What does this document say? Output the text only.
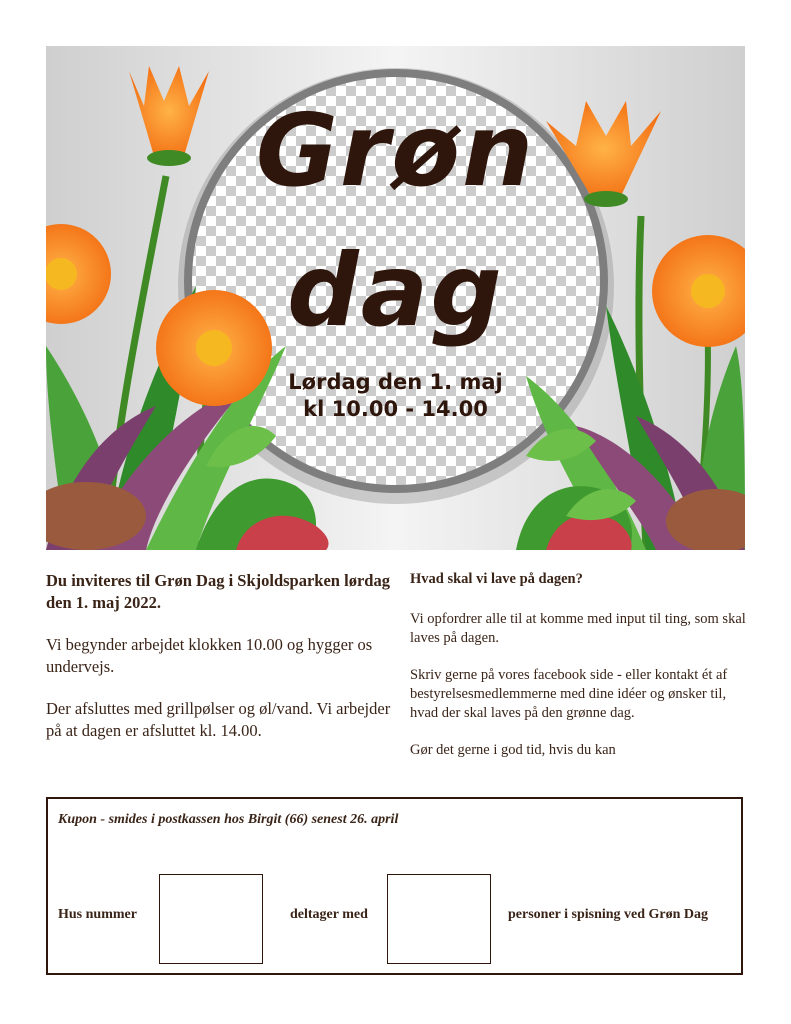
Grøn
dag
Lørdag den 1. maj
kl 10.00 - 14.00

Du inviteres til Grøn Dag i Skjoldsparken lørdag den 1. maj 2022.

Vi begynder arbejdet klokken 10.00 og hygger os undervejs.

Der afsluttes med grillpølser og øl/vand. Vi arbejder på at dagen er afsluttet kl. 14.00.

Hvad skal vi lave på dagen?

Vi opfordrer alle til at komme med input til ting, som skal laves på dagen.

Skriv gerne på vores facebook side - eller kontakt ét af bestyrelsesmedlemmerne med dine idéer og ønsker til, hvad der skal laves på den grønne dag.

Gør det gerne i god tid, hvis du kan

Kupon - smides i postkassen hos Birgit (66) senest 26. april
Hus nummer	deltager med	personer i spisning ved Grøn Dag
